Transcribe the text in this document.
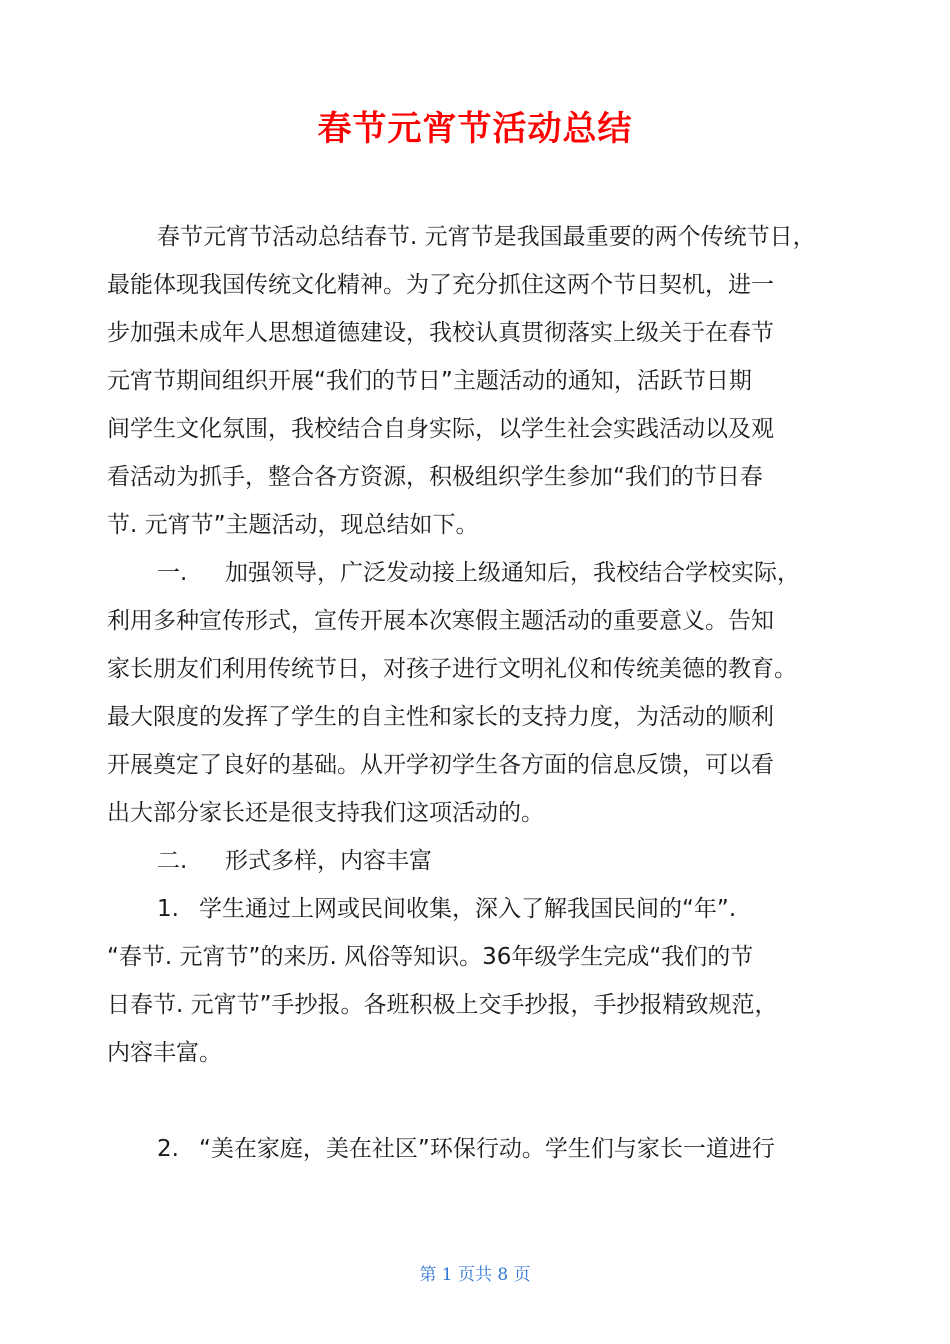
春节元宵节活动总结
春节元宵节活动总结春节. 元宵节是我国最重要的两个传统节日，
最能体现我国传统文化精神。为了充分抓住这两个节日契机，进一
步加强未成年人思想道德建设，我校认真贯彻落实上级关于在春节
元宵节期间组织开展“我们的节日”主题活动的通知，活跃节日期
间学生文化氛围，我校结合自身实际，以学生社会实践活动以及观
看活动为抓手，整合各方资源，积极组织学生参加“我们的节日春
节. 元宵节”主题活动，现总结如下。
一. 加强领导，广泛发动接上级通知后，我校结合学校实际，
利用多种宣传形式，宣传开展本次寒假主题活动的重要意义。告知
家长朋友们利用传统节日，对孩子进行文明礼仪和传统美德的教育。
最大限度的发挥了学生的自主性和家长的支持力度，为活动的顺利
开展奠定了良好的基础。从开学初学生各方面的信息反馈，可以看
出大部分家长还是很支持我们这项活动的。
二. 形式多样，内容丰富
1. 学生通过上网或民间收集，深入了解我国民间的“年”.
“春节. 元宵节”的来历. 风俗等知识。36年级学生完成“我们的节
日春节. 元宵节”手抄报。各班积极上交手抄报，手抄报精致规范，
内容丰富。
2. “美在家庭，美在社区”环保行动。学生们与家长一道进行
第 1 页共 8 页
